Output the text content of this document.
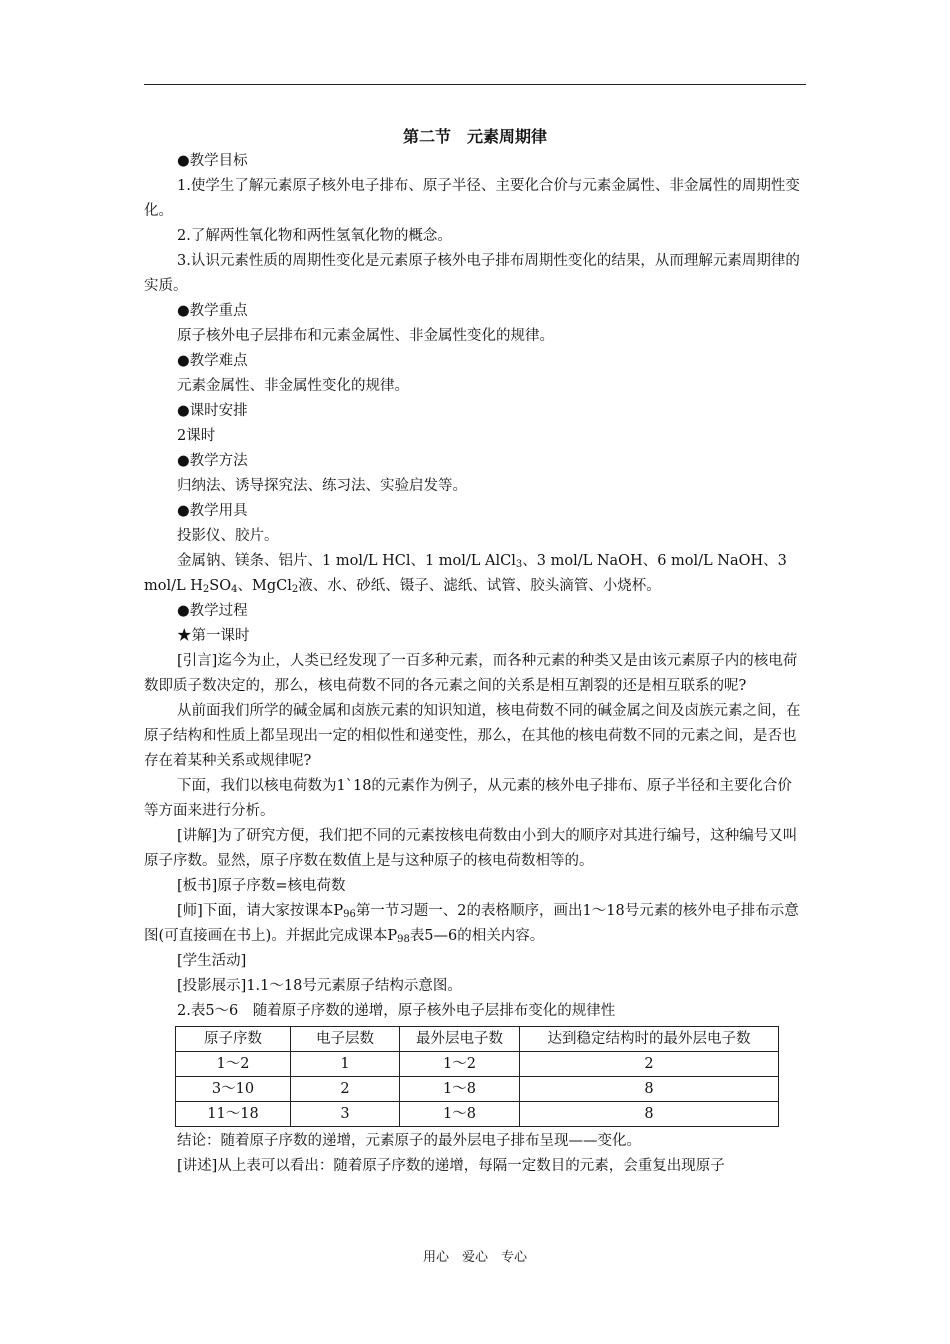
第二节　元素周期律

●教学目标

1.使学生了解元素原子核外电子排布、原子半径、主要化合价与元素金属性、非金属性的周期性变化。

2.了解两性氧化物和两性氢氧化物的概念。

3.认识元素性质的周期性变化是元素原子核外电子排布周期性变化的结果，从而理解元素周期律的实质。

●教学重点

原子核外电子层排布和元素金属性、非金属性变化的规律。

●教学难点

元素金属性、非金属性变化的规律。

●课时安排

2课时

●教学方法

归纳法、诱导探究法、练习法、实验启发等。

●教学用具

投影仪、胶片。

金属钠、镁条、铝片、1 mol/L HCl、1 mol/L AlCl$_3$、3 mol/L NaOH、6 mol/L NaOH、3 mol/L $H_2SO_4$、MgCl$_2$液、水、砂纸、镊子、滤纸、试管、胶头滴管、小烧杯。

●教学过程

★第一课时

[引言]迄今为止，人类已经发现了一百多种元素，而各种元素的种类又是由该元素原子内的核电荷数即质子数决定的，那么，核电荷数不同的各元素之间的关系是相互割裂的还是相互联系的呢?

从前面我们所学的碱金属和卤族元素的知识知道，核电荷数不同的碱金属之间及卤族元素之间，在原子结构和性质上都呈现出一定的相似性和递变性，那么，在其他的核电荷数不同的元素之间，是否也存在着某种关系或规律呢?

下面，我们以核电荷数为1`18的元素作为例子，从元素的核外电子排布、原子半径和主要化合价等方面来进行分析。

[讲解]为了研究方便，我们把不同的元素按核电荷数由小到大的顺序对其进行编号，这种编号又叫原子序数。显然，原子序数在数值上是与这种原子的核电荷数相等的。

[板书]原子序数=核电荷数

[师]下面，请大家按课本$P_{96}$第一节习题一、2的表格顺序，画出1～18号元素的核外电子排布示意图(可直接画在书上)。并据此完成课本$P_{98}$表5—6的相关内容。

[学生活动]

[投影展示]1.1～18号元素原子结构示意图。

2.表5～6　随着原子序数的递增，原子核外电子层排布变化的规律性

原子序数	电子层数	最外层电子数	达到稳定结构时的最外层电子数
1～2	1	1～2	2
3～10	2	1～8	8
11～18	3	1～8	8

结论：随着原子序数的递增，元素原子的最外层电子排布呈现——变化。

[讲述]从上表可以看出：随着原子序数的递增，每隔一定数目的元素，会重复出现原子

用心　爱心　专心
